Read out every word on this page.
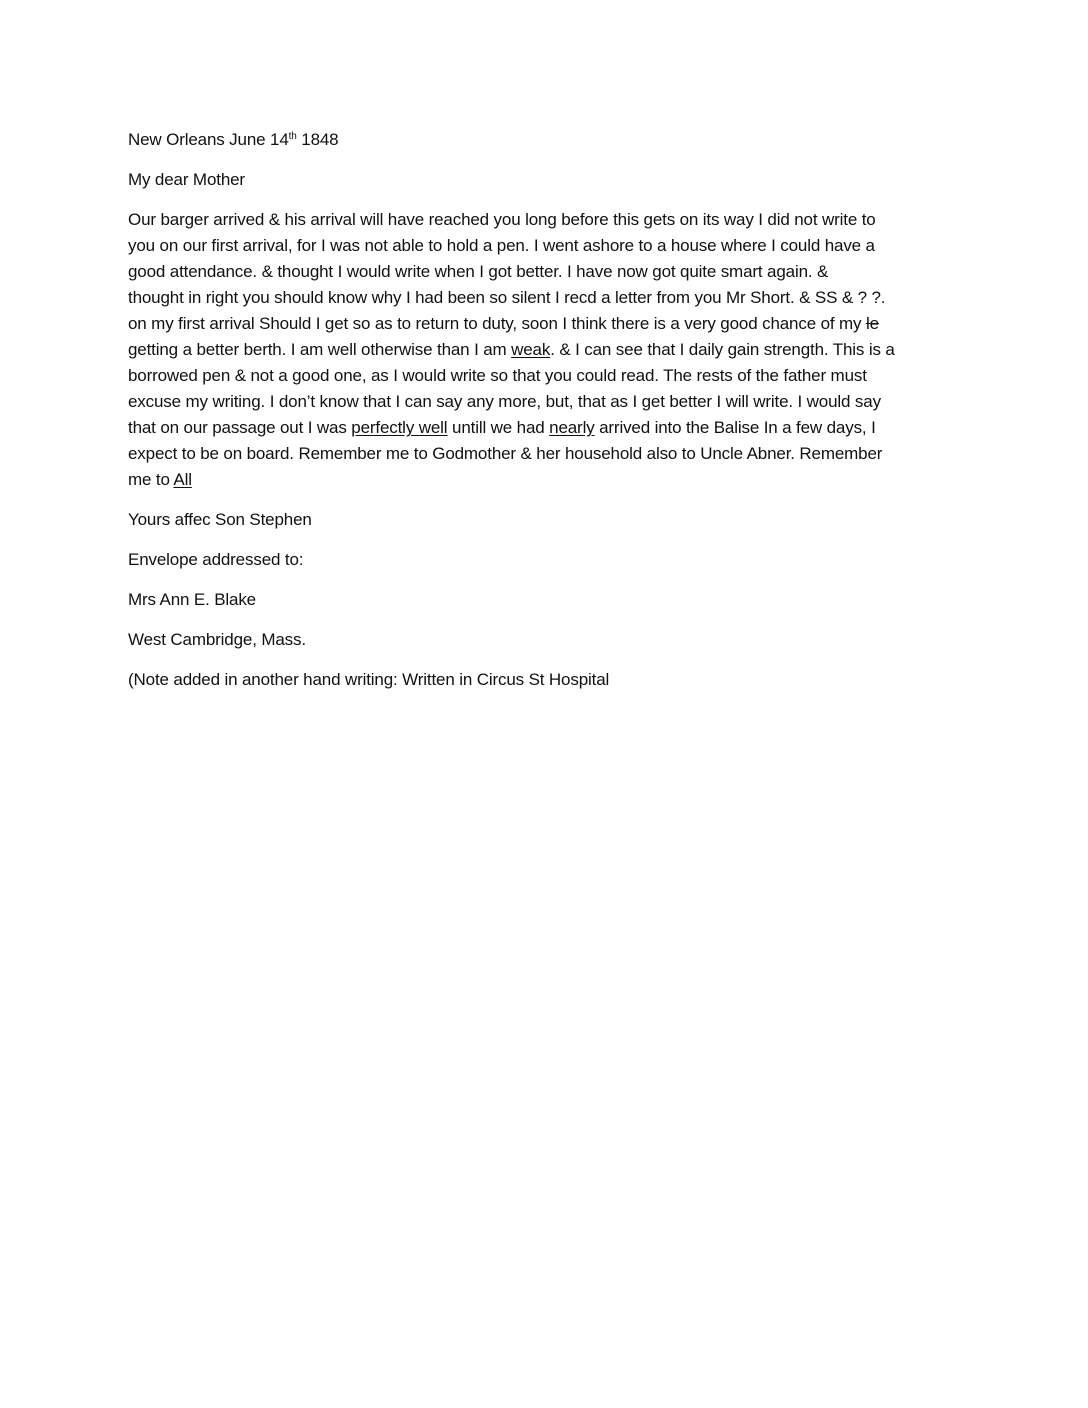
New Orleans June 14th 1848

My dear Mother

Our barger arrived & his arrival will have reached you long before this gets on its way I did not write to
you on our first arrival, for I was not able to hold a pen. I went ashore to a house where I could have a
good attendance. & thought I would write when I got better. I have now got quite smart again. &
thought in right you should know why I had been so silent I recd a letter from you Mr Short. & SS & ? ?.
on my first arrival Should I get so as to return to duty, soon I think there is a very good chance of my le
getting a better berth. I am well otherwise than I am weak. & I can see that I daily gain strength. This is a
borrowed pen & not a good one, as I would write so that you could read. The rests of the father must
excuse my writing. I don’t know that I can say any more, but, that as I get better I will write. I would say
that on our passage out I was perfectly well untill we had nearly arrived into the Balise In a few days, I
expect to be on board. Remember me to Godmother & her household also to Uncle Abner. Remember
me to All

Yours affec Son Stephen

Envelope addressed to:

Mrs Ann E. Blake

West Cambridge, Mass.

(Note added in another hand writing: Written in Circus St Hospital
